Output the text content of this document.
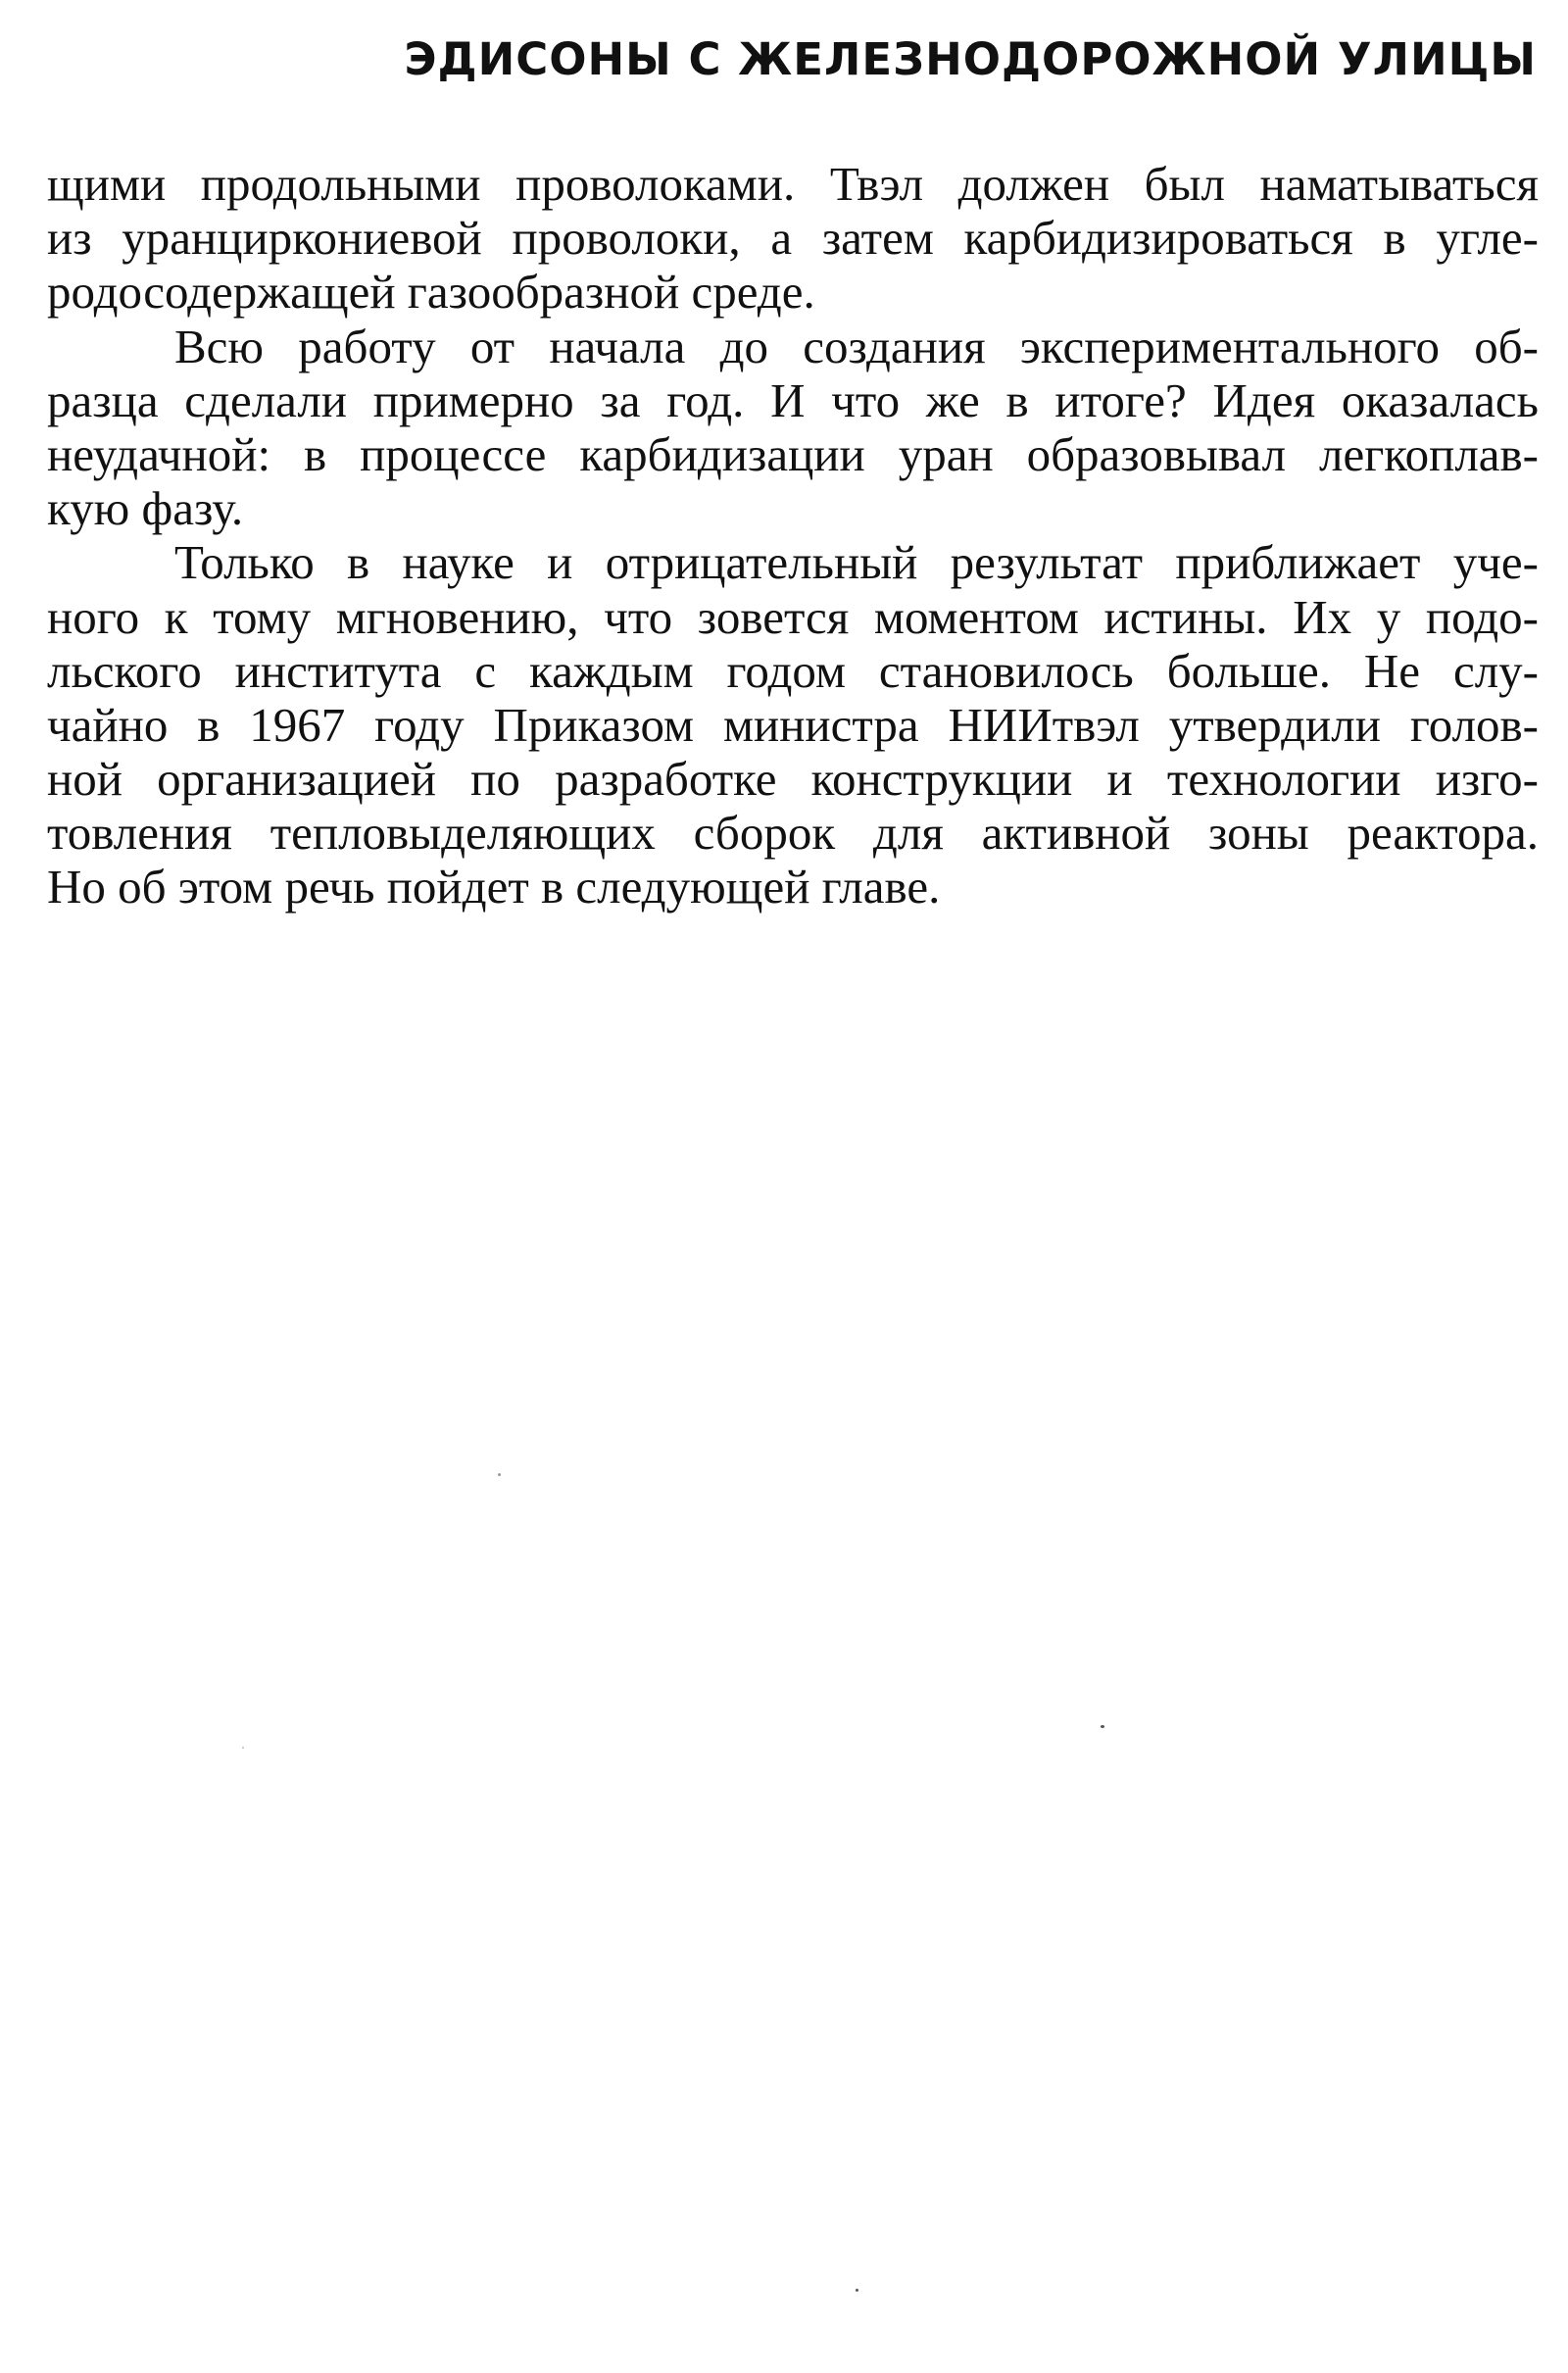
ЭДИСОНЫ С ЖЕЛЕЗНОДОРОЖНОЙ УЛИЦЫ
щими продольными проволоками. Твэл должен был наматываться
из уранциркониевой проволоки, а затем карбидизироваться в угле-
родосодержащей газообразной среде.
Всю работу от начала до создания экспериментального об-
разца сделали примерно за год. И что же в итоге? Идея оказалась
неудачной: в процессе карбидизации уран образовывал легкоплав-
кую фазу.
Только в науке и отрицательный результат приближает уче-
ного к тому мгновению, что зовется моментом истины. Их у подо-
льского института с каждым годом становилось больше. Не слу-
чайно в 1967 году Приказом министра НИИтвэл утвердили голов-
ной организацией по разработке конструкции и технологии изго-
товления тепловыделяющих сборок для активной зоны реактора.
Но об этом речь пойдет в следующей главе.
